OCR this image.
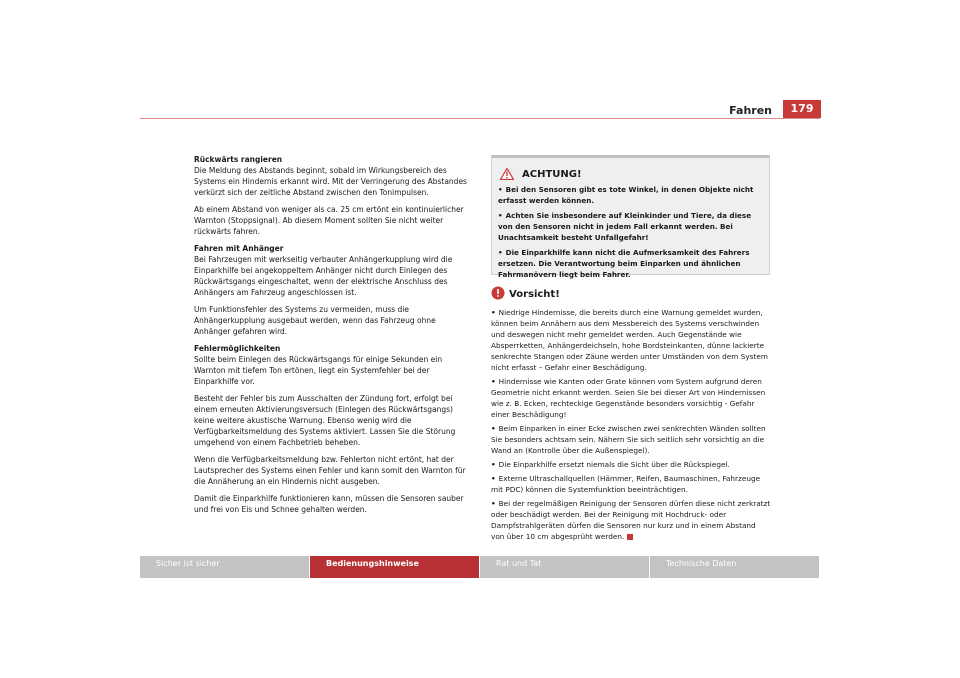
Fahren	179
Rückwärts rangieren

Die Meldung des Abstands beginnt, sobald im Wirkungsbereich des Systems ein Hindernis erkannt wird. Mit der Verringerung des Abstandes verkürzt sich der zeitliche Abstand zwischen den Tonimpulsen.

Ab einem Abstand von weniger als ca. 25 cm ertönt ein kontinuierlicher Warnton (Stoppsignal). Ab diesem Moment sollten Sie nicht weiter rückwärts fahren.

Fahren mit Anhänger

Bei Fahrzeugen mit werkseitig verbauter Anhängerkupplung wird die Einparkhilfe bei angekoppeltem Anhänger nicht durch Einlegen des Rückwärtsgangs eingeschaltet, wenn der elektrische Anschluss des Anhängers am Fahrzeug angeschlossen ist.

Um Funktionsfehler des Systems zu vermeiden, muss die Anhängerkupplung ausgebaut werden, wenn das Fahrzeug ohne Anhänger gefahren wird.

Fehlermöglichkeiten

Sollte beim Einlegen des Rückwärtsgangs für einige Sekunden ein Warnton mit tiefem Ton ertönen, liegt ein Systemfehler bei der Einparkhilfe vor.

Besteht der Fehler bis zum Ausschalten der Zündung fort, erfolgt bei einem erneuten Aktivierungsversuch (Einlegen des Rückwärtsgangs) keine weitere akustische Warnung. Ebenso wenig wird die Verfügbarkeitsmeldung des Systems aktiviert. Lassen Sie die Störung umgehend von einem Fachbetrieb beheben.

Wenn die Verfügbarkeitsmeldung bzw. Fehlerton nicht ertönt, hat der Lautsprecher des Systems einen Fehler und kann somit den Warnton für die Annäherung an ein Hindernis nicht ausgeben.

Damit die Einparkhilfe funktionieren kann, müssen die Sensoren sauber und frei von Eis und Schnee gehalten werden.

ACHTUNG!

• Bei den Sensoren gibt es tote Winkel, in denen Objekte nicht erfasst werden können.

• Achten Sie insbesondere auf Kleinkinder und Tiere, da diese von den Sensoren nicht in jedem Fall erkannt werden. Bei Unachtsamkeit besteht Unfallgefahr!

• Die Einparkhilfe kann nicht die Aufmerksamkeit des Fahrers ersetzen. Die Verantwortung beim Einparken und ähnlichen Fahrmanövern liegt beim Fahrer.

Vorsicht!

• Niedrige Hindernisse, die bereits durch eine Warnung gemeldet wurden, können beim Annähern aus dem Messbereich des Systems verschwinden und deswegen nicht mehr gemeldet werden. Auch Gegenstände wie Absperrketten, Anhängerdeichseln, hohe Bordsteinkanten, dünne lackierte senkrechte Stangen oder Zäune werden unter Umständen von dem System nicht erfasst – Gefahr einer Beschädigung.

• Hindernisse wie Kanten oder Grate können vom System aufgrund deren Geometrie nicht erkannt werden. Seien Sie bei dieser Art von Hindernissen wie z. B. Ecken, rechteckige Gegenstände besonders vorsichtig - Gefahr einer Beschädigung!

• Beim Einparken in einer Ecke zwischen zwei senkrechten Wänden sollten Sie besonders achtsam sein. Nähern Sie sich seitlich sehr vorsichtig an die Wand an (Kontrolle über die Außenspiegel).

• Die Einparkhilfe ersetzt niemals die Sicht über die Rückspiegel.

• Externe Ultraschallquellen (Hämmer, Reifen, Baumaschinen, Fahrzeuge mit PDC) können die Systemfunktion beeinträchtigen.

• Bei der regelmäßigen Reinigung der Sensoren dürfen diese nicht zerkratzt oder beschädigt werden. Bei der Reinigung mit Hochdruck- oder Dampfstrahlgeräten dürfen die Sensoren nur kurz und in einem Abstand von über 10 cm abgesprüht werden.

Sicher ist sicher	Bedienungshinweise	Rat und Tat	Technische Daten
